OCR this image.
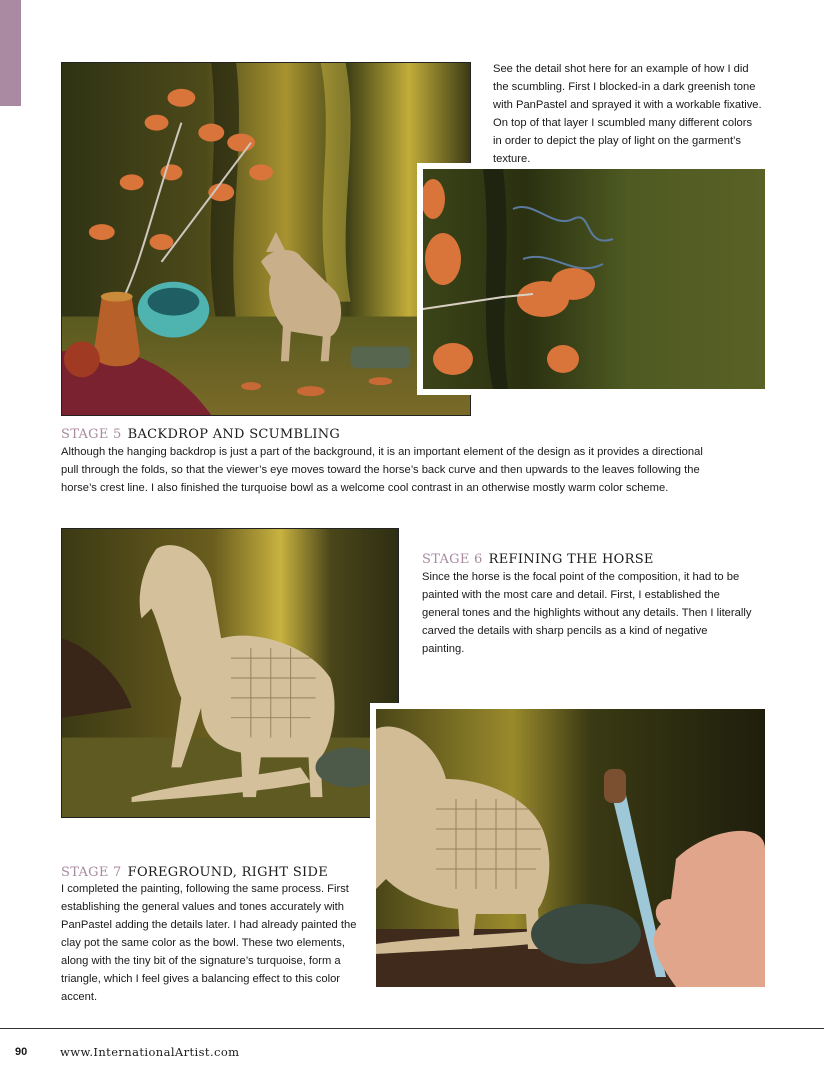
See the detail shot here for an example of how I did the scumbling. First I blocked-in a dark greenish tone with PanPastel and sprayed it with a workable fixative. On top of that layer I scumbled many different colors in order to depict the play of light on the garment’s texture.
STAGE 5 BACKDROP AND SCUMBLING
Although the hanging backdrop is just a part of the background, it is an important element of the design as it provides a directional pull through the folds, so that the viewer’s eye moves toward the horse’s back curve and then upwards to the leaves following the horse’s crest line. I also finished the turquoise bowl as a welcome cool contrast in an otherwise mostly warm color scheme.
STAGE 6 REFINING THE HORSE
Since the horse is the focal point of the composition, it had to be painted with the most care and detail. First, I established the general tones and the highlights without any details. Then I literally carved the details with sharp pencils as a kind of negative painting.
STAGE 7 FOREGROUND, RIGHT SIDE
I completed the painting, following the same process. First establishing the general values and tones accurately with PanPastel adding the details later. I had already painted the clay pot the same color as the bowl. These two elements, along with the tiny bit of the signature’s turquoise, form a triangle, which I feel gives a balancing effect to this color accent.
90	www.InternationalArtist.com
